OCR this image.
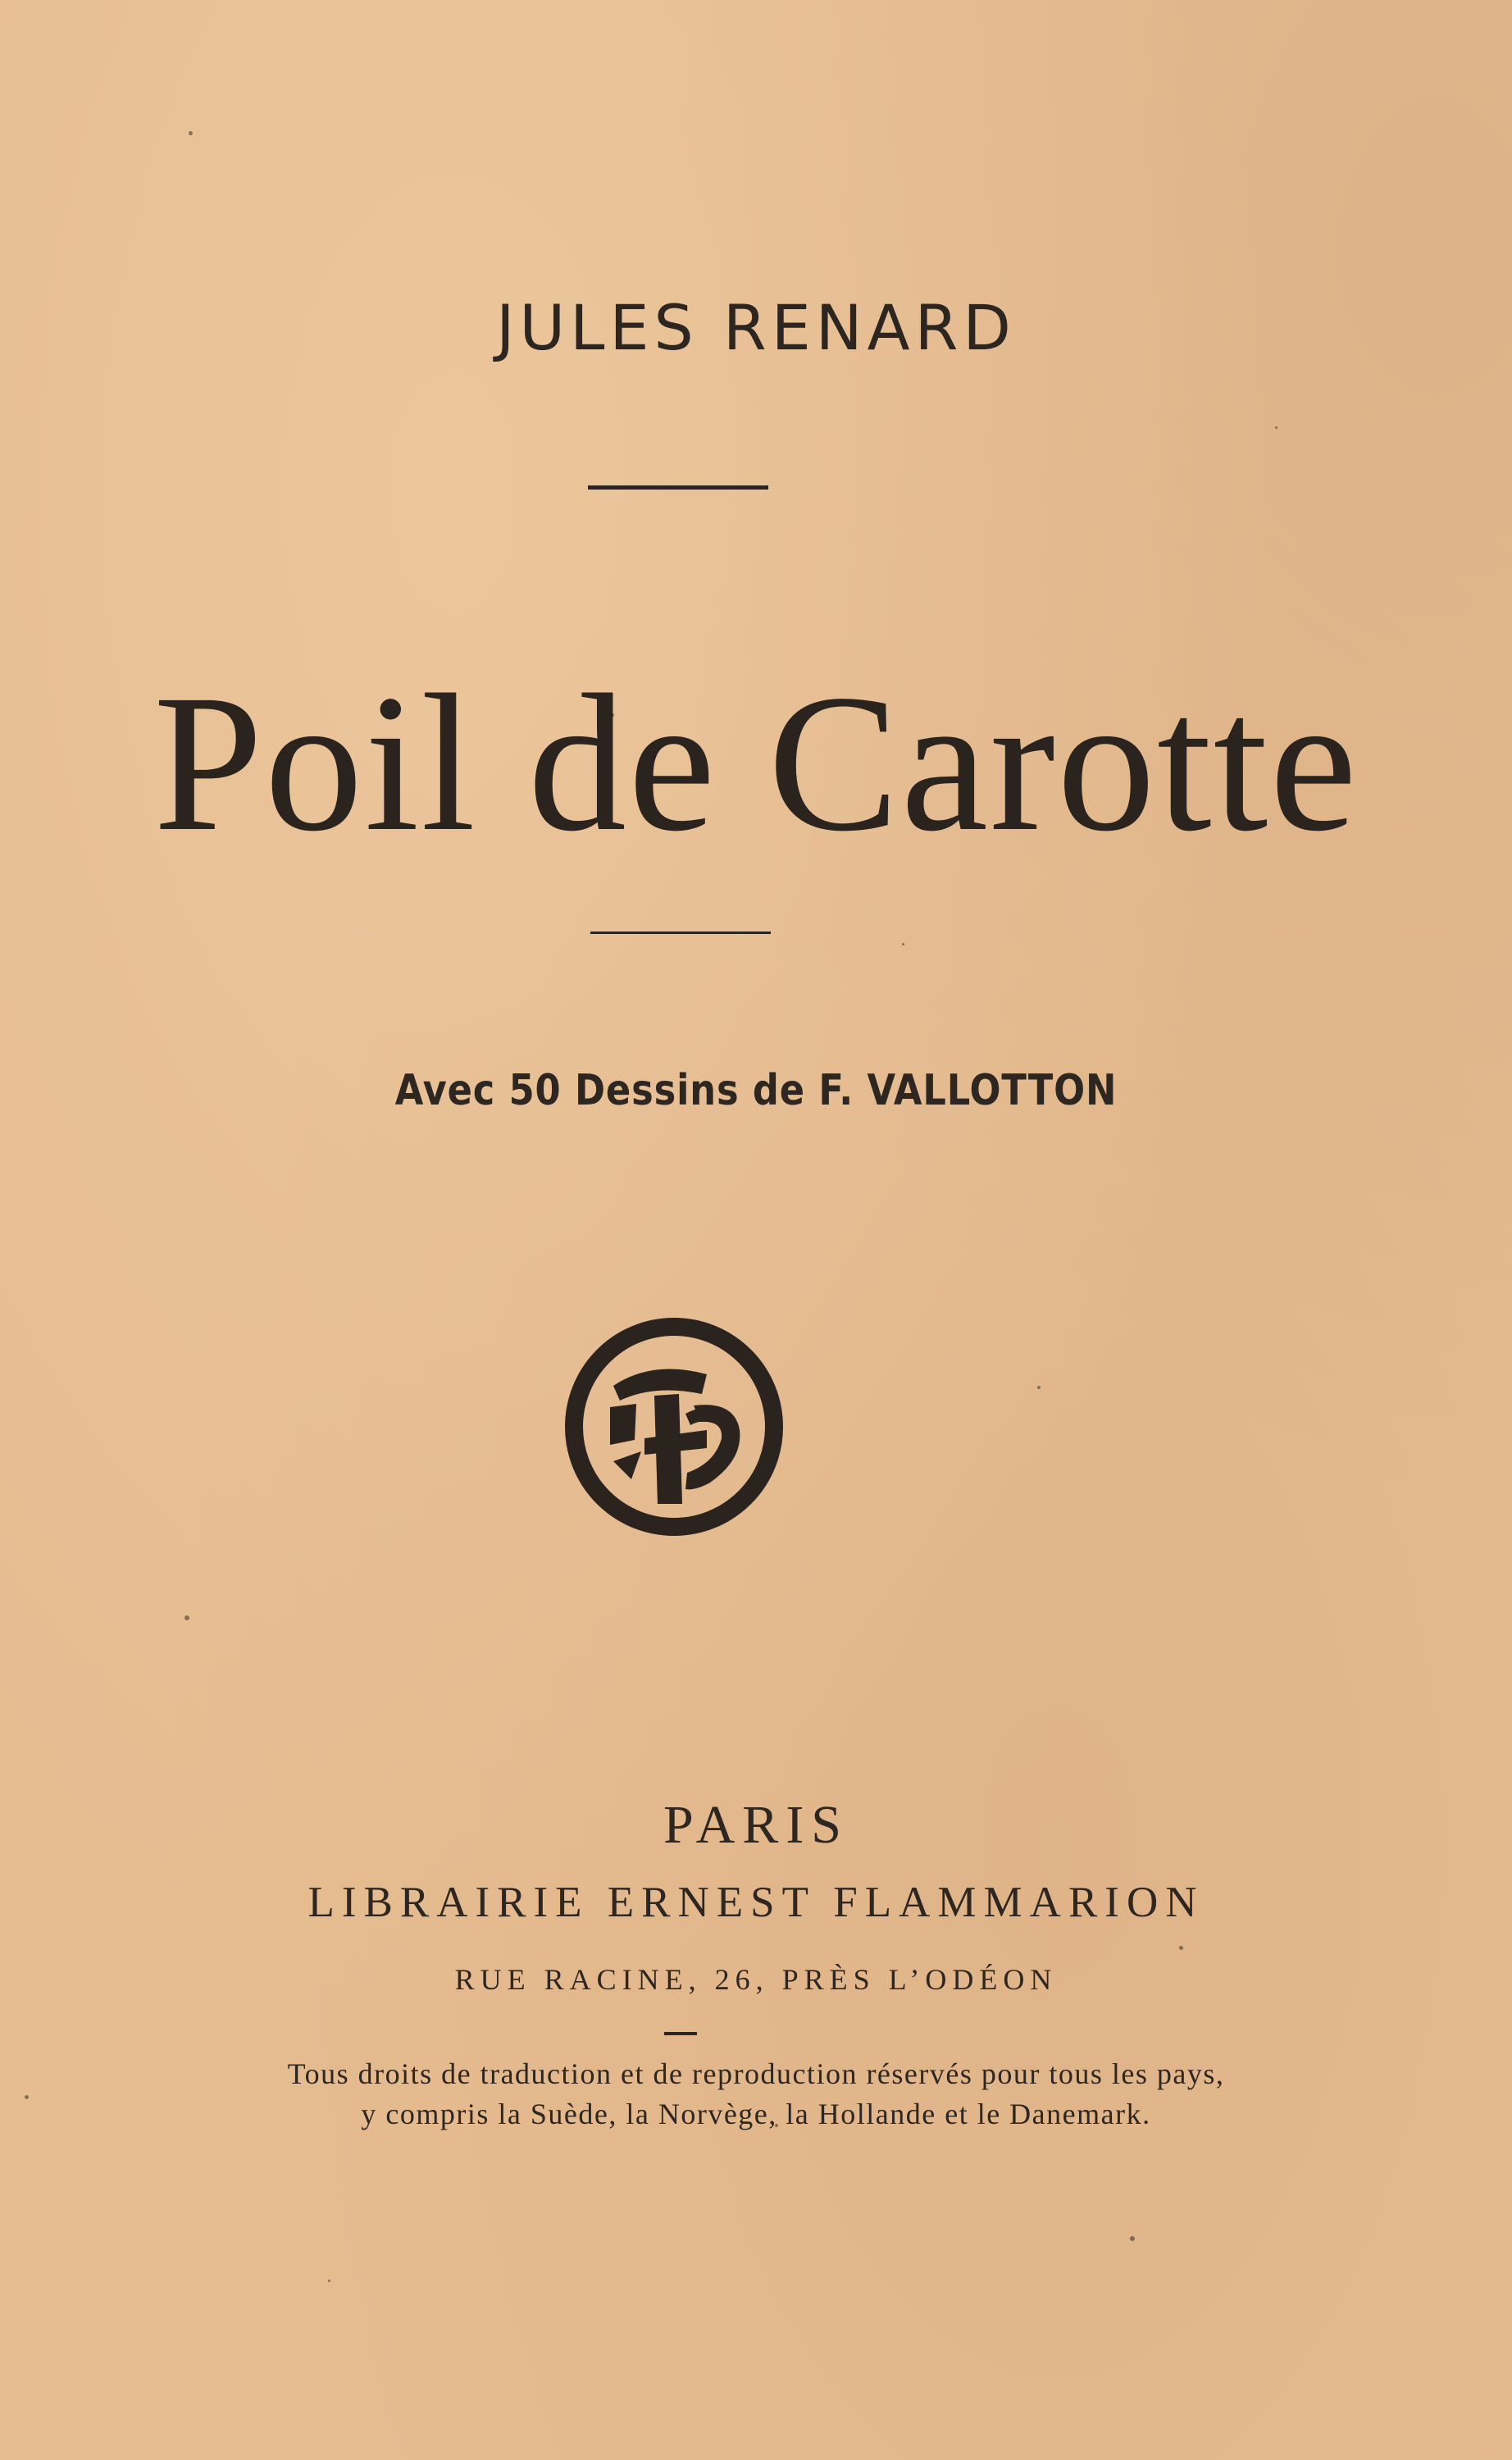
JULES RENARD
Poil de Carotte
Avec 50 Dessins de F. VALLOTTON
PARIS
LIBRAIRIE ERNEST FLAMMARION
RUE RACINE, 26, PRÈS L’ODÉON
Tous droits de traduction et de reproduction réservés pour tous les pays,
y compris la Suède, la Norvège, la Hollande et le Danemark.
